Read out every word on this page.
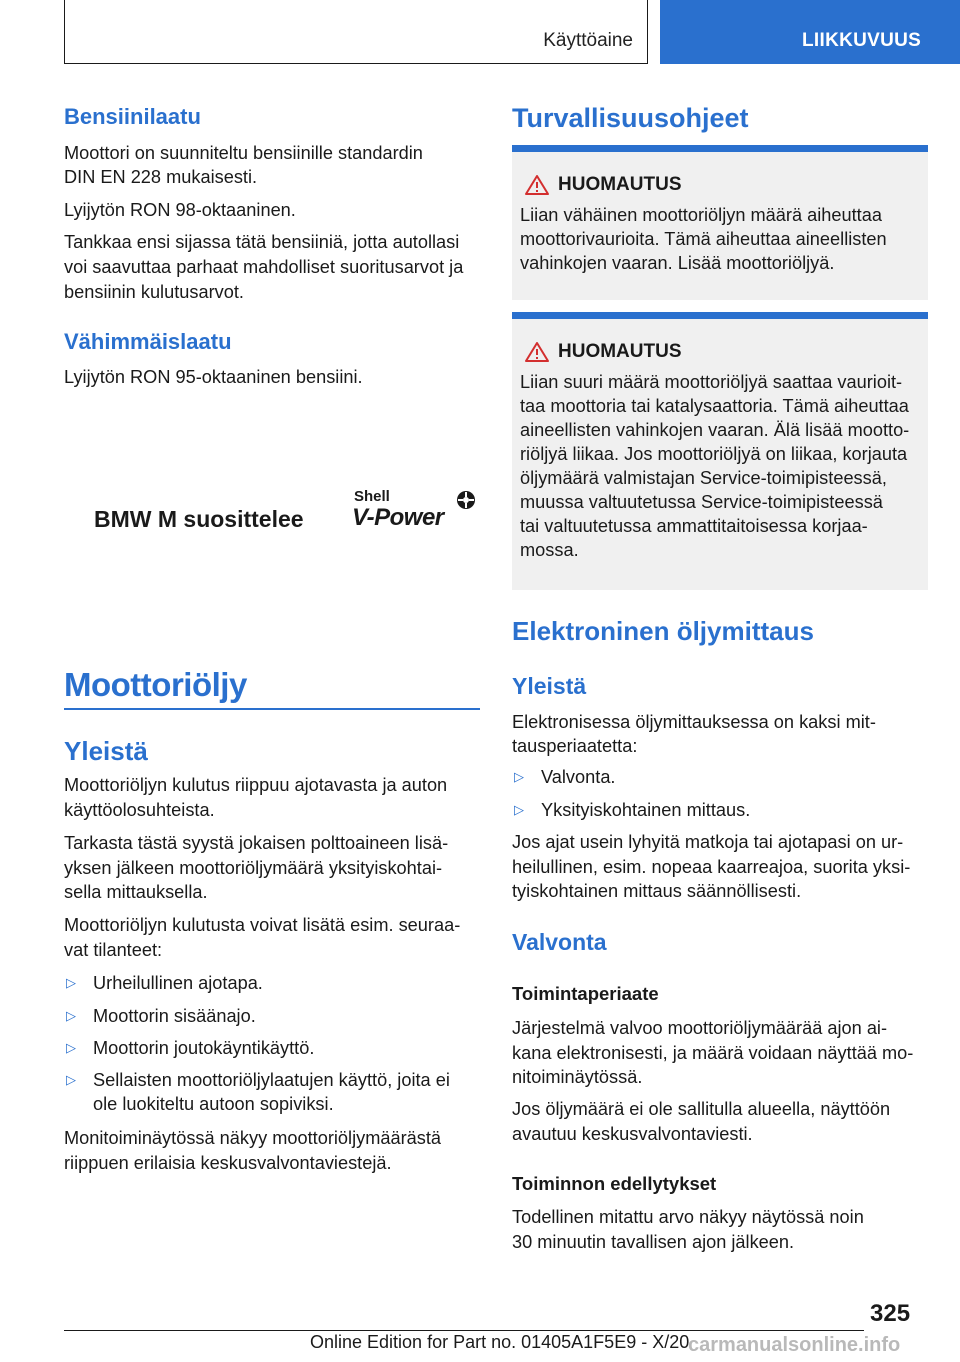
Käyttöaine	LIIKKUVUUS
Bensiinilaatu
Moottori on suunniteltu bensiinille standardin
DIN EN 228 mukaisesti.
Lyijytön RON 98-oktaaninen.
Tankkaa ensi sijassa tätä bensiiniä, jotta autollasi
voi saavuttaa parhaat mahdolliset suoritusarvot ja
bensiinin kulutusarvot.
Vähimmäislaatu
Lyijytön RON 95-oktaaninen bensiini.
BMW M suosittelee
Shell
V-Power
Moottoriöljy
Yleistä
Moottoriöljyn kulutus riippuu ajotavasta ja auton
käyttöolosuhteista.
Tarkasta tästä syystä jokaisen polttoaineen lisä-
yksen jälkeen moottoriöljymäärä yksityiskohtai-
sella mittauksella.
Moottoriöljyn kulutusta voivat lisätä esim. seuraa-
vat tilanteet:
▷ Urheilullinen ajotapa.
▷ Moottorin sisäänajo.
▷ Moottorin joutokäyntikäyttö.
▷ Sellaisten moottoriöljylaatujen käyttö, joita ei
ole luokiteltu autoon sopiviksi.
Monitoiminäytössä näkyy moottoriöljymäärästä
riippuen erilaisia keskusvalvontaviestejä.
Turvallisuusohjeet
HUOMAUTUS
Liian vähäinen moottoriöljyn määrä aiheuttaa
moottorivaurioita. Tämä aiheuttaa aineellisten
vahinkojen vaaran. Lisää moottoriöljyä.
HUOMAUTUS
Liian suuri määrä moottoriöljyä saattaa vaurioit-
taa moottoria tai katalysaattoria. Tämä aiheuttaa
aineellisten vahinkojen vaaran. Älä lisää mootto-
riöljyä liikaa. Jos moottoriöljyä on liikaa, korjauta
öljymäärä valmistajan Service-toimipisteessä,
muussa valtuutetussa Service-toimipisteessä
tai valtuutetussa ammattitaitoisessa korjaa-
mossa.
Elektroninen öljymittaus
Yleistä
Elektronisessa öljymittauksessa on kaksi mit-
tausperiaatetta:
▷ Valvonta.
▷ Yksityiskohtainen mittaus.
Jos ajat usein lyhyitä matkoja tai ajotapasi on ur-
heilullinen, esim. nopeaa kaarreajoa, suorita yksi-
tyiskohtainen mittaus säännöllisesti.
Valvonta
Toimintaperiaate
Järjestelmä valvoo moottoriöljymäärää ajon ai-
kana elektronisesti, ja määrä voidaan näyttää mo-
nitoiminäytössä.
Jos öljymäärä ei ole sallitulla alueella, näyttöön
avautuu keskusvalvontaviesti.
Toiminnon edellytykset
Todellinen mitattu arvo näkyy näytössä noin
30 minuutin tavallisen ajon jälkeen.
325
Online Edition for Part no. 01405A1F5E9 - X/20
carmanualsonline.info
